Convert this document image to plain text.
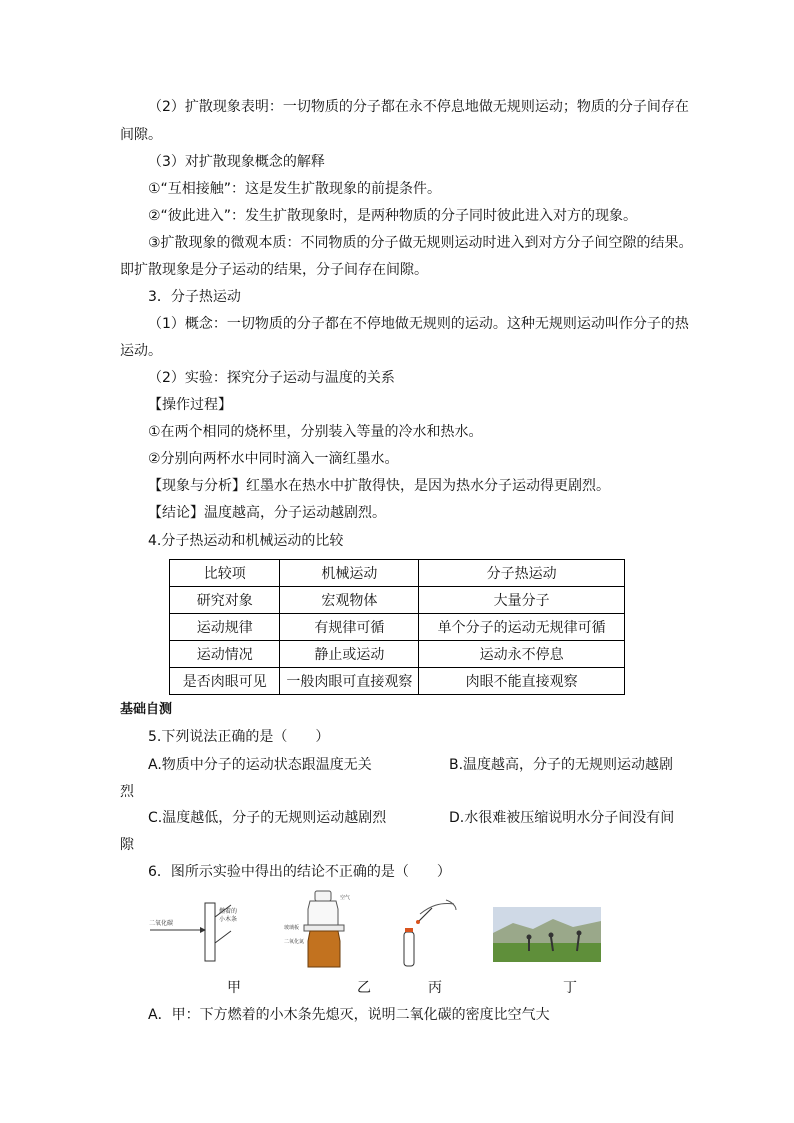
（2）扩散现象表明：一切物质的分子都在永不停息地做无规则运动；物质的分子间存在
间隙。
（3）对扩散现象概念的解释
①“互相接触”：这是发生扩散现象的前提条件。
②“彼此进入”：发生扩散现象时，是两种物质的分子同时彼此进入对方的现象。
③扩散现象的微观本质：不同物质的分子做无规则运动时进入到对方分子间空隙的结果。
即扩散现象是分子运动的结果，分子间存在间隙。
3．分子热运动
（1）概念：一切物质的分子都在不停地做无规则的运动。这种无规则运动叫作分子的热
运动。
（2）实验：探究分子运动与温度的关系
【操作过程】
①在两个相同的烧杯里，分别装入等量的冷水和热水。
②分别向两杯水中同时滴入一滴红墨水。
【现象与分析】红墨水在热水中扩散得快，是因为热水分子运动得更剧烈。
【结论】温度越高，分子运动越剧烈。
4.分子热运动和机械运动的比较
比较项	机械运动	分子热运动
研究对象	宏观物体	大量分子
运动规律	有规律可循	单个分子的运动无规律可循
运动情况	静止或运动	运动永不停息
是否肉眼可见	一般肉眼可直接观察	肉眼不能直接观察
基础自测
5.下列说法正确的是（　　）
A.物质中分子的运动状态跟温度无关	B.温度越高，分子的无规则运动越剧
烈
C.温度越低，分子的无规则运动越剧烈	D.水很难被压缩说明水分子间没有间
隙
6．图所示实验中得出的结论不正确的是（　　）
二氧化碳
燃着的
小木条
玻璃板
二氧化氮
空气
甲	乙	丙	丁
A．甲：下方燃着的小木条先熄灭，说明二氧化碳的密度比空气大
